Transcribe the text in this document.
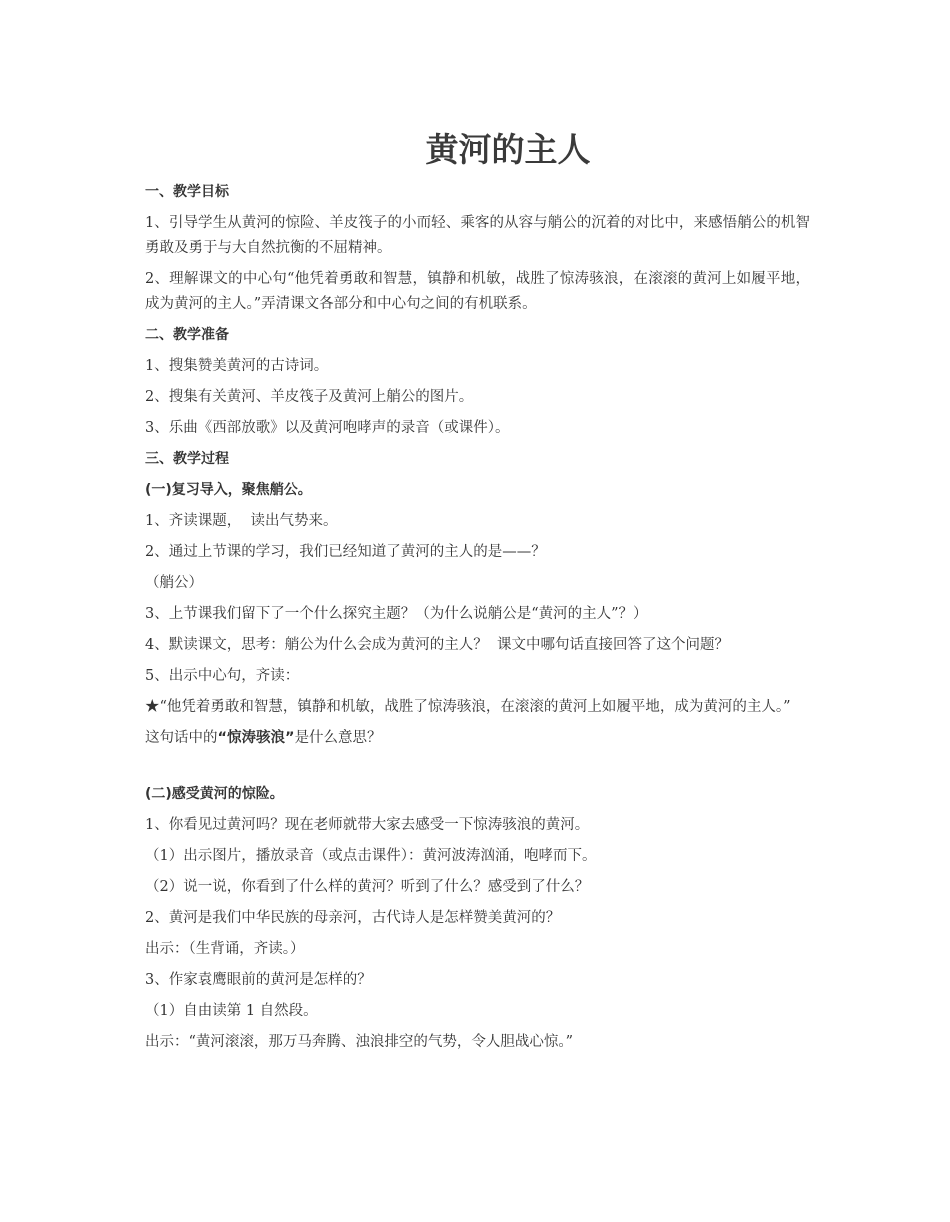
黄河的主人
一、教学目标
1、引导学生从黄河的惊险、羊皮筏子的小而轻、乘客的从容与艄公的沉着的对比中，来感悟艄公的机智勇敢及勇于与大自然抗衡的不屈精神。
2、理解课文的中心句“他凭着勇敢和智慧，镇静和机敏，战胜了惊涛骇浪，在滚滚的黄河上如履平地，成为黄河的主人。”弄清课文各部分和中心句之间的有机联系。
二、教学准备
1、搜集赞美黄河的古诗词。
2、搜集有关黄河、羊皮筏子及黄河上艄公的图片。
3、乐曲《西部放歌》以及黄河咆哮声的录音（或课件）。
三、教学过程
(一)复习导入，聚焦艄公。
1、齐读课题，  读出气势来。
2、通过上节课的学习，我们已经知道了黄河的主人的是——？
（艄公）
3、上节课我们留下了一个什么探究主题？（为什么说艄公是“黄河的主人”？）
4、默读课文，思考：艄公为什么会成为黄河的主人？  课文中哪句话直接回答了这个问题？
5、出示中心句，齐读：
★“他凭着勇敢和智慧，镇静和机敏，战胜了惊涛骇浪，在滚滚的黄河上如履平地，成为黄河的主人。”
这句话中的“惊涛骇浪”是什么意思？
(二)感受黄河的惊险。
1、你看见过黄河吗？现在老师就带大家去感受一下惊涛骇浪的黄河。
（1）出示图片，播放录音（或点击课件）：黄河波涛汹涌，咆哮而下。
（2）说一说，你看到了什么样的黄河？听到了什么？感受到了什么？
2、黄河是我们中华民族的母亲河，古代诗人是怎样赞美黄河的？
出示：（生背诵，齐读。）
3、作家袁鹰眼前的黄河是怎样的？
（1）自由读第 1 自然段。
出示：“黄河滚滚，那万马奔腾、浊浪排空的气势，令人胆战心惊。”
